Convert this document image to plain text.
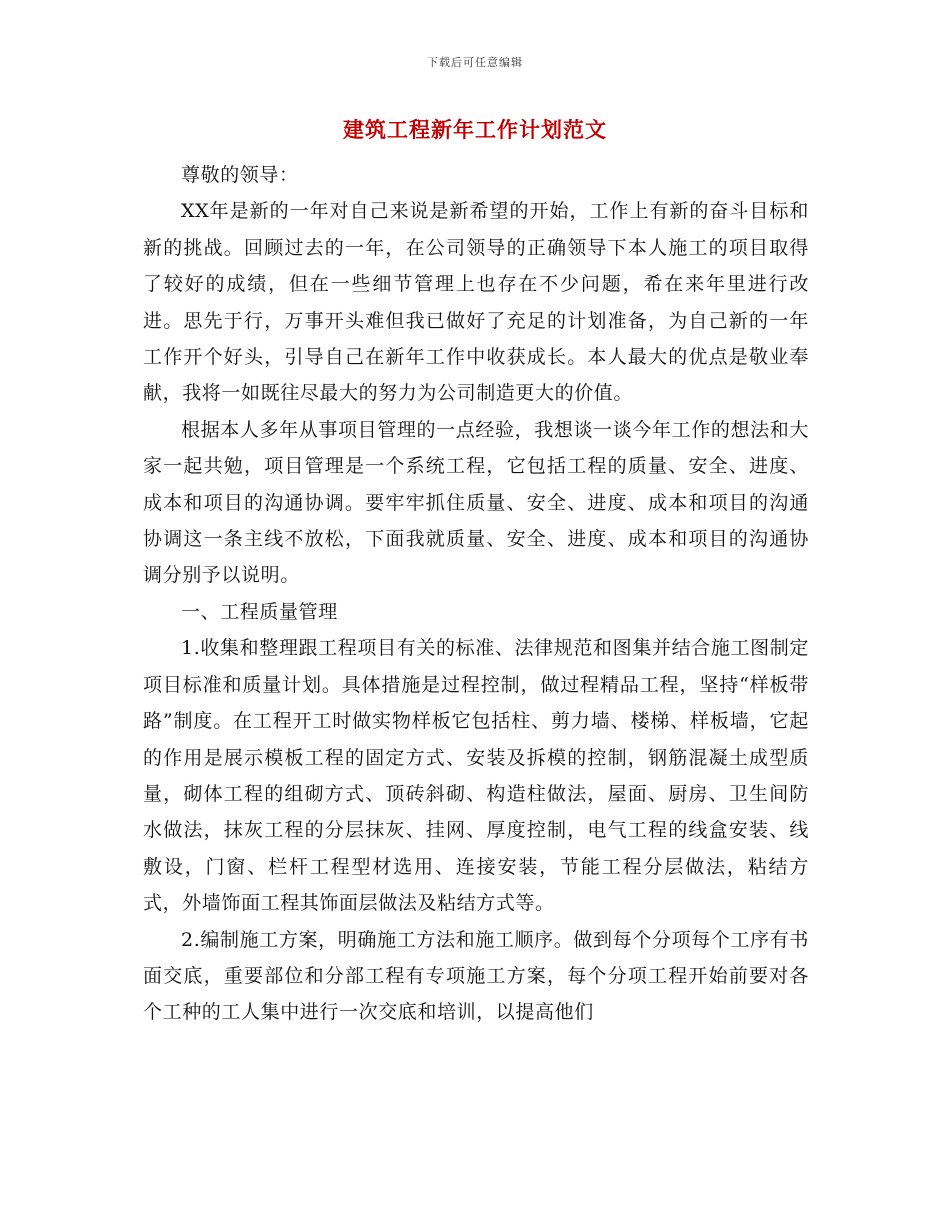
下载后可任意编辑
建筑工程新年工作计划范文

尊敬的领导：

XX年是新的一年对自己来说是新希望的开始，工作上有新的奋斗目标和新的挑战。回顾过去的一年，在公司领导的正确领导下本人施工的项目取得了较好的成绩，但在一些细节管理上也存在不少问题，希在来年里进行改进。思先于行，万事开头难但我已做好了充足的计划准备，为自己新的一年工作开个好头，引导自己在新年工作中收获成长。本人最大的优点是敬业奉献，我将一如既往尽最大的努力为公司制造更大的价值。

根据本人多年从事项目管理的一点经验，我想谈一谈今年工作的想法和大家一起共勉，项目管理是一个系统工程，它包括工程的质量、安全、进度、成本和项目的沟通协调。要牢牢抓住质量、安全、进度、成本和项目的沟通协调这一条主线不放松，下面我就质量、安全、进度、成本和项目的沟通协调分别予以说明。

一、工程质量管理

1.收集和整理跟工程项目有关的标准、法律规范和图集并结合施工图制定项目标准和质量计划。具体措施是过程控制，做过程精品工程，坚持“样板带路”制度。在工程开工时做实物样板它包括柱、剪力墙、楼梯、样板墙，它起的作用是展示模板工程的固定方式、安装及拆模的控制，钢筋混凝土成型质量，砌体工程的组砌方式、顶砖斜砌、构造柱做法，屋面、厨房、卫生间防水做法，抹灰工程的分层抹灰、挂网、厚度控制，电气工程的线盒安装、线敷设，门窗、栏杆工程型材选用、连接安装，节能工程分层做法，粘结方式，外墙饰面工程其饰面层做法及粘结方式等。

2.编制施工方案，明确施工方法和施工顺序。做到每个分项每个工序有书面交底，重要部位和分部工程有专项施工方案，每个分项工程开始前要对各个工种的工人集中进行一次交底和培训，以提高他们
